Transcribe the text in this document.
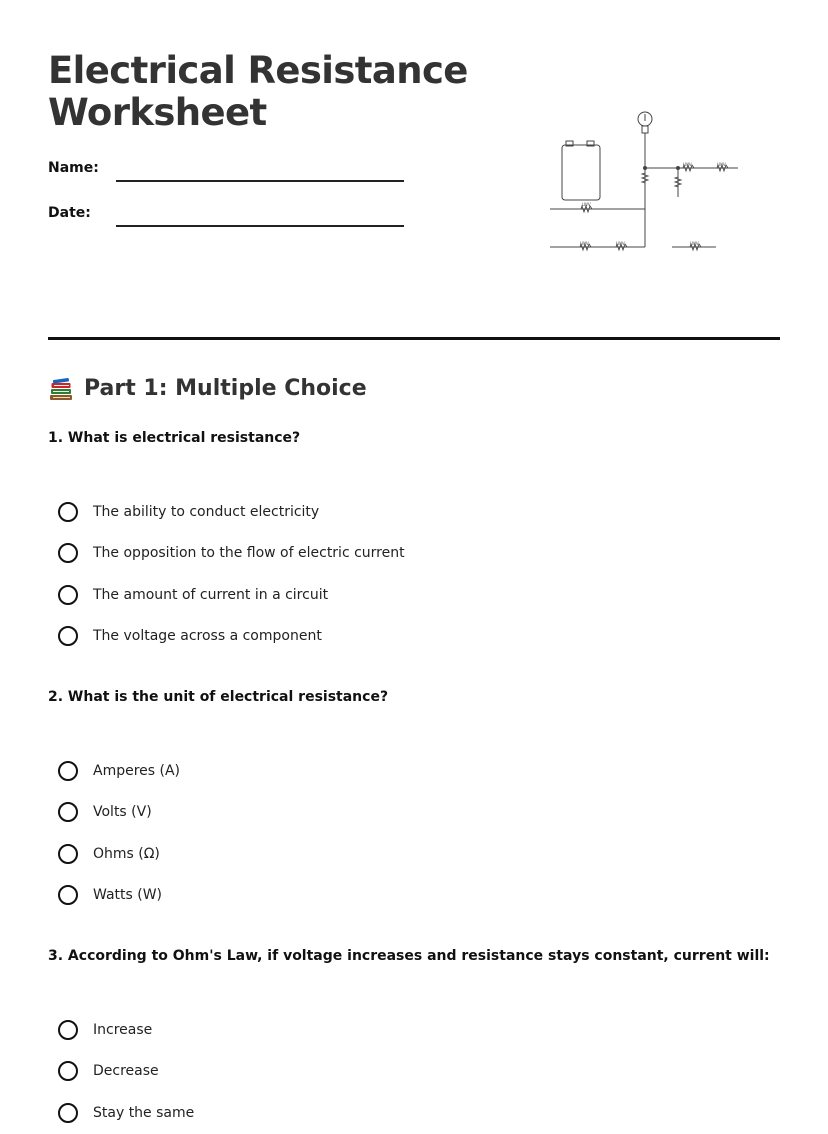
Electrical Resistance Worksheet
Name:
Date:
LWV
LWV	LWV
LWV	LWV
LWV
Part 1: Multiple Choice

1. What is electrical resistance?

The ability to conduct electricity
The opposition to the flow of electric current
The amount of current in a circuit
The voltage across a component

2. What is the unit of electrical resistance?

Amperes (A)
Volts (V)
Ohms (Ω)
Watts (W)

3. According to Ohm's Law, if voltage increases and resistance stays constant, current will:

Increase
Decrease
Stay the same
